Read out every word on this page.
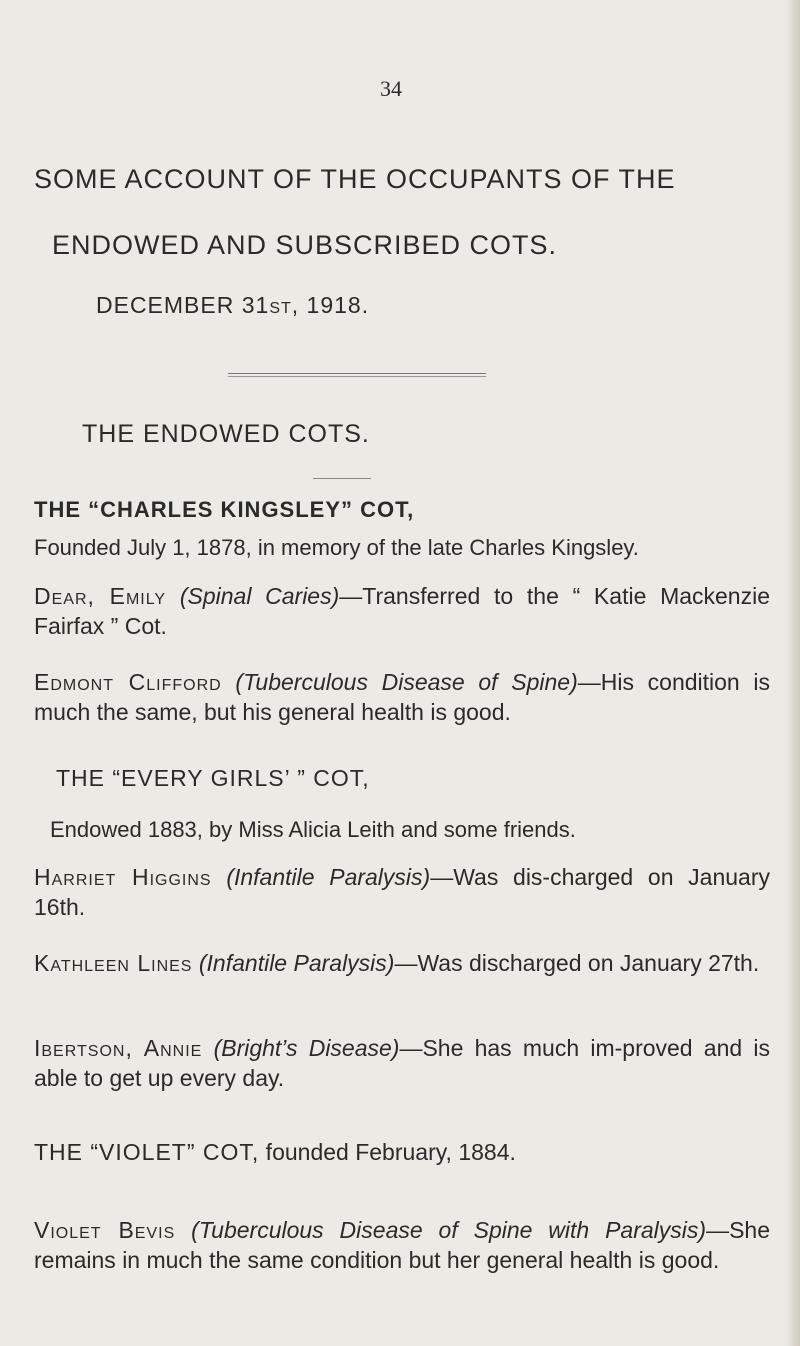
34
SOME ACCOUNT OF THE OCCUPANTS OF THE
ENDOWED AND SUBSCRIBED COTS.
DECEMBER 31st, 1918.
THE ENDOWED COTS.
THE “CHARLES KINGSLEY” COT,
Founded July 1, 1878, in memory of the late Charles Kingsley.
Dear, Emily (Spinal Caries)—Transferred to the “ Katie Mackenzie Fairfax ” Cot.
Edmont Clifford (Tuberculous Disease of Spine)—His condition is much the same, but his general health is good.
THE “EVERY GIRLS’ ” COT,
Endowed 1883, by Miss Alicia Leith and some friends.
Harriet Higgins (Infantile Paralysis)—Was dis-charged on January 16th.
Kathleen Lines (Infantile Paralysis)—Was discharged on January 27th.
Ibertson, Annie (Bright’s Disease)—She has much im-proved and is able to get up every day.
THE “VIOLET” COT, founded February, 1884.
Violet Bevis (Tuberculous Disease of Spine with Paralysis)—She remains in much the same condition but her general health is good.
